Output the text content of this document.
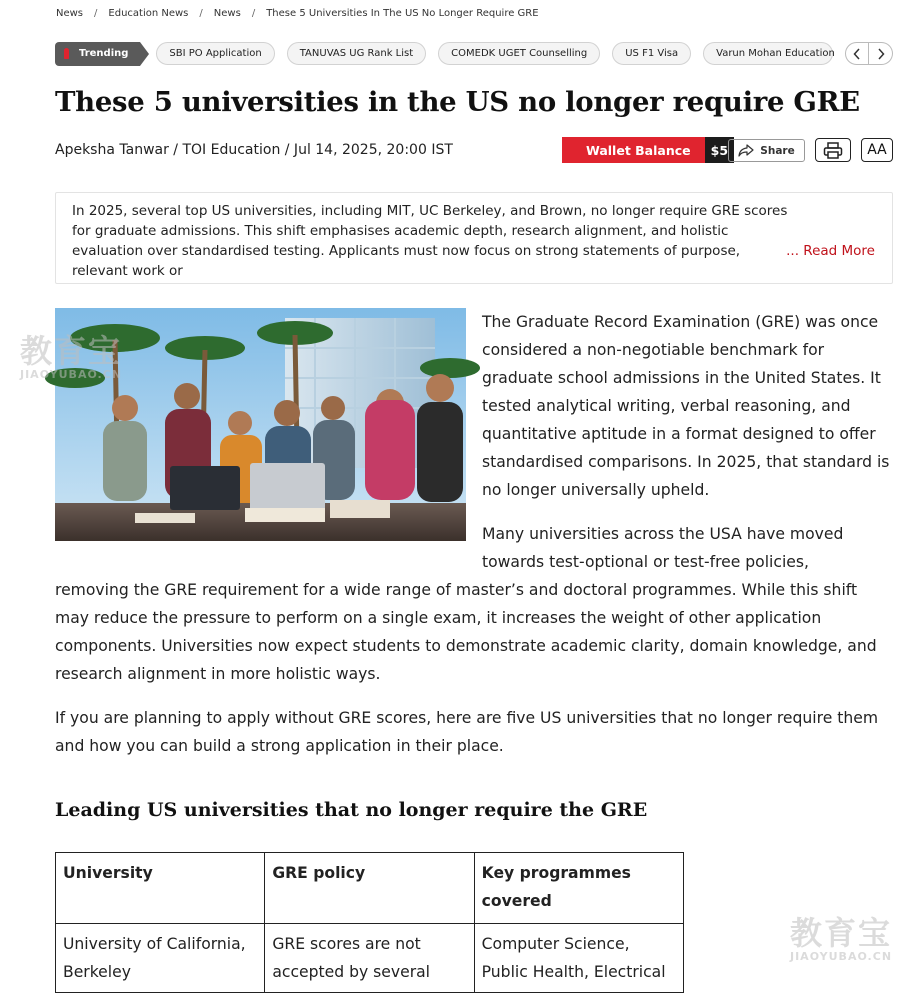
News / Education News / News / These 5 Universities In The US No Longer Require GRE
Trending	SBI PO Application	TANUVAS UG Rank List	COMEDK UGET Counselling	US F1 Visa	Varun Mohan Education
These 5 universities in the US no longer require GRE
Apeksha Tanwar / TOI Education / Jul 14, 2025, 20:00 IST	Wallet Balance	$5	Share	AA
In 2025, several top US universities, including MIT, UC Berkeley, and Brown, no longer require GRE scores for graduate admissions. This shift emphasises academic depth, research alignment, and holistic evaluation over standardised testing. Applicants must now focus on strong statements of purpose, relevant work or
... Read More

The Graduate Record Examination (GRE) was once considered a non-negotiable benchmark for graduate school admissions in the United States. It tested analytical writing, verbal reasoning, and quantitative aptitude in a format designed to offer standardised comparisons. In 2025, that standard is no longer universally upheld.

Many universities across the USA have moved towards test-optional or test-free policies,

removing the GRE requirement for a wide range of master’s and doctoral programmes. While this shift may reduce the pressure to perform on a single exam, it increases the weight of other application components. Universities now expect students to demonstrate academic clarity, domain knowledge, and research alignment in more holistic ways.

If you are planning to apply without GRE scores, here are five US universities that no longer require them and how you can build a strong application in their place.

Leading US universities that no longer require the GRE
University	GRE policy	Key programmes covered
University of California, Berkeley	GRE scores are not accepted by several	Computer Science, Public Health, Electrical
教育宝
JIAOYUBAO.CN
教育宝
JIAOYUBAO.CN
